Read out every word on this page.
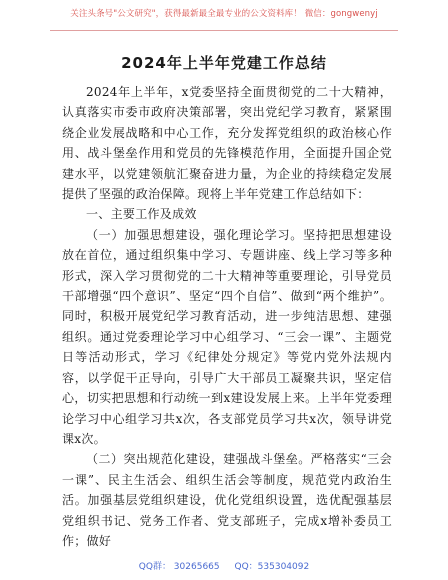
关注头条号"公文研究"，获得最新最全最专业的公文资料库！ 微信：gongwenyj
2024年上半年党建工作总结

2024年上半年，x党委坚持全面贯彻党的二十大精神，认真落实市委市政府决策部署，突出党纪学习教育，紧紧围绕企业发展战略和中心工作，充分发挥党组织的政治核心作用、战斗堡垒作用和党员的先锋模范作用，全面提升国企党建水平，以党建领航汇聚奋进力量，为企业的持续稳定发展提供了坚强的政治保障。现将上半年党建工作总结如下：

一、主要工作及成效

（一）加强思想建设，强化理论学习。坚持把思想建设放在首位，通过组织集中学习、专题讲座、线上学习等多种形式，深入学习贯彻党的二十大精神等重要理论，引导党员干部增强“四个意识”、坚定“四个自信”、做到“两个维护”。同时，积极开展党纪学习教育活动，进一步纯洁思想、建强组织。通过党委理论学习中心组学习、“三会一课”、主题党日等活动形式，学习《纪律处分规定》等党内党外法规内容，以学促干正导向，引导广大干部员工凝聚共识，坚定信心，切实把思想和行动统一到x建设发展上来。上半年党委理论学习中心组学习共x次，各支部党员学习共x次，领导讲党课x次。

（二）突出规范化建设，建强战斗堡垒。严格落实“三会一课”、民主生活会、组织生活会等制度，规范党内政治生活。加强基层党组织建设，优化党组织设置，选优配强基层党组织书记、党务工作者、党支部班子，完成x增补委员工作；做好

QQ群： 30265665 QQ：535304092
